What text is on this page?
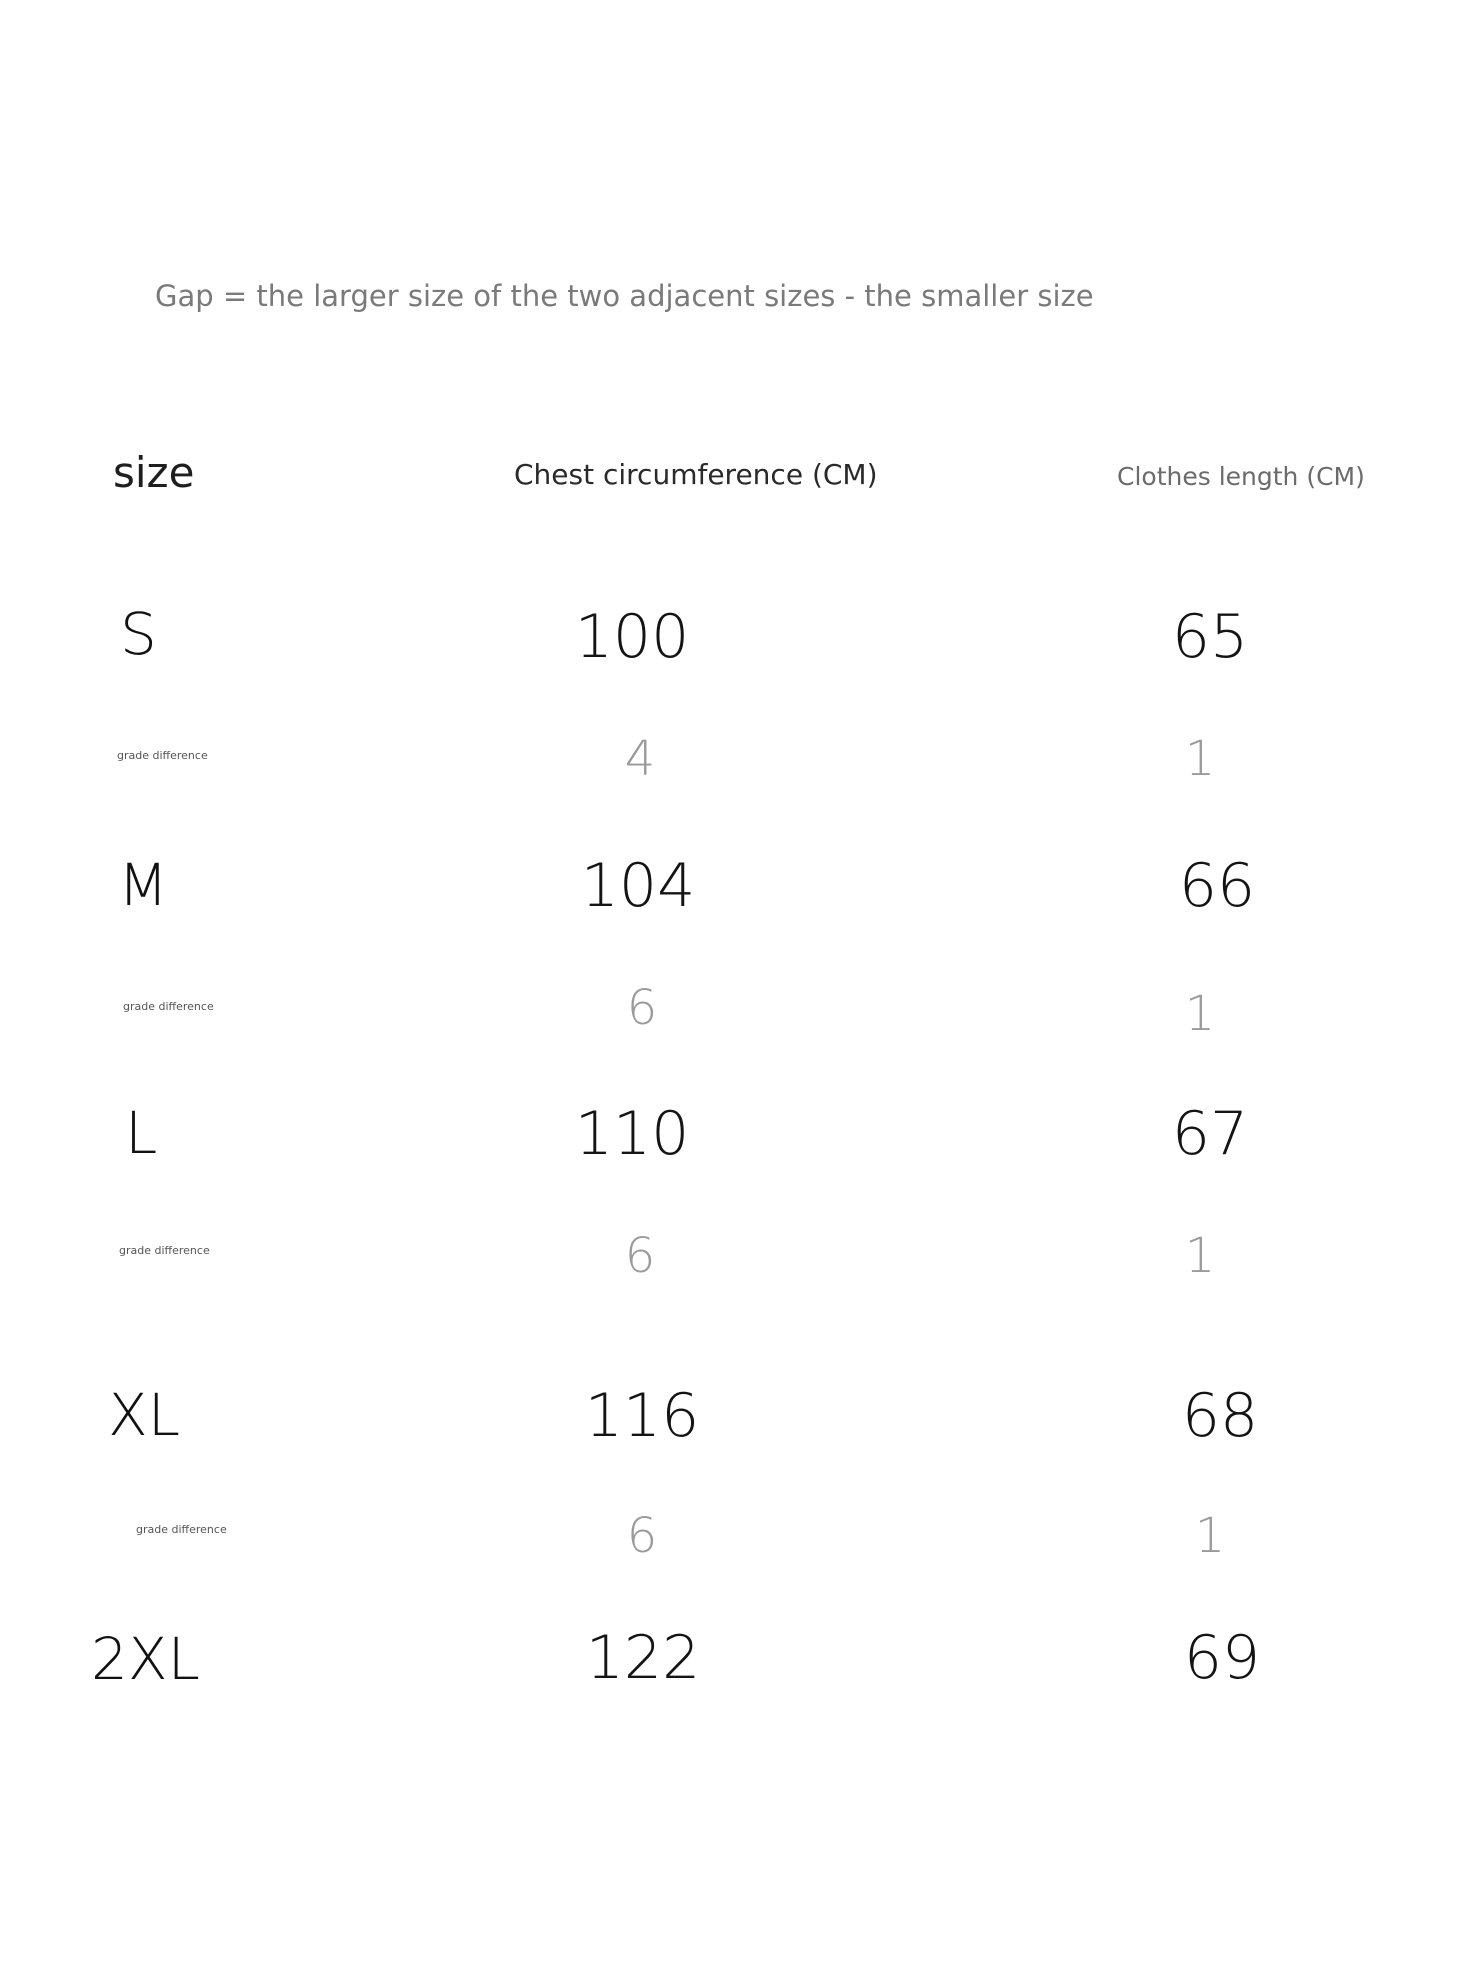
Gap = the larger size of the two adjacent sizes - the smaller size
size	Chest circumference (CM)	Clothes length (CM)
S	100	65
grade difference	4	1
M	104	66
grade difference	6	1
L	110	67
grade difference	6	1
XL	116	68
grade difference	6	1
2XL	122	69
